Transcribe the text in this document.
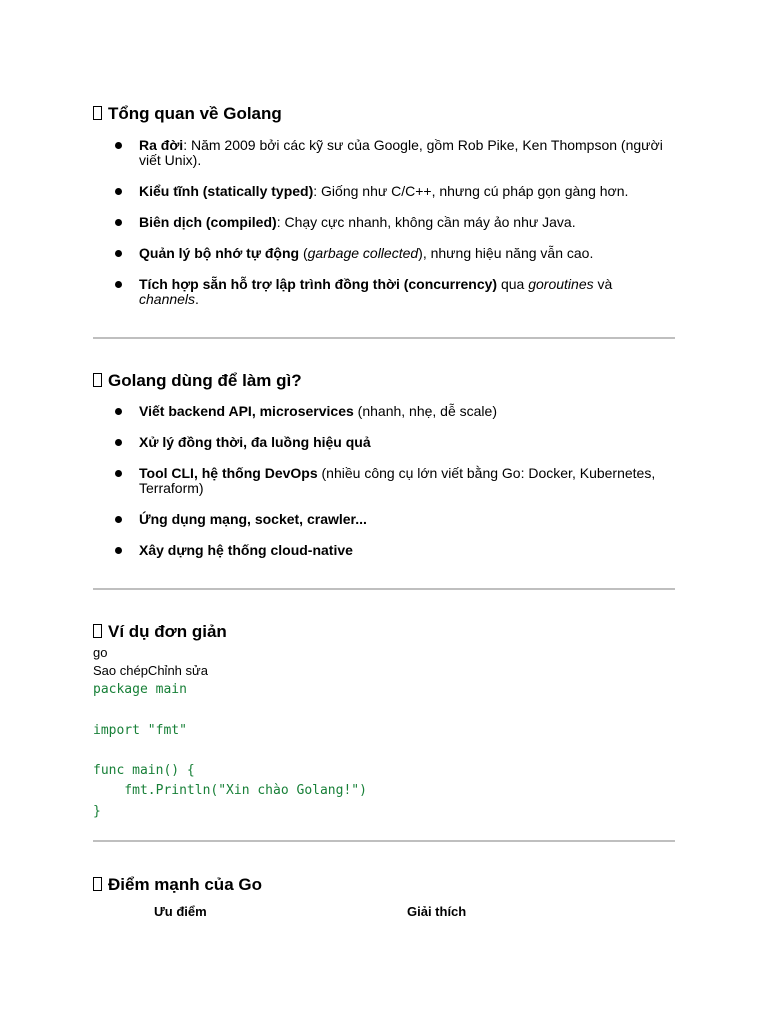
Tổng quan về Golang
Ra đời: Năm 2009 bởi các kỹ sư của Google, gồm Rob Pike, Ken Thompson (người viết Unix).
Kiểu tĩnh (statically typed): Giống như C/C++, nhưng cú pháp gọn gàng hơn.
Biên dịch (compiled): Chạy cực nhanh, không cần máy ảo như Java.
Quản lý bộ nhớ tự động (garbage collected), nhưng hiệu năng vẫn cao.
Tích hợp sẵn hỗ trợ lập trình đồng thời (concurrency) qua goroutines và channels.
Golang dùng để làm gì?
Viết backend API, microservices (nhanh, nhẹ, dễ scale)
Xử lý đồng thời, đa luồng hiệu quả
Tool CLI, hệ thống DevOps (nhiều công cụ lớn viết bằng Go: Docker, Kubernetes, Terraform)
Ứng dụng mạng, socket, crawler...
Xây dựng hệ thống cloud-native
Ví dụ đơn giản
go
Sao chépChỉnh sửa
package main

import "fmt"

func main() {
fmt.Println("Xin chào Golang!")
}
Điểm mạnh của Go
Ưu điểm	Giải thích
